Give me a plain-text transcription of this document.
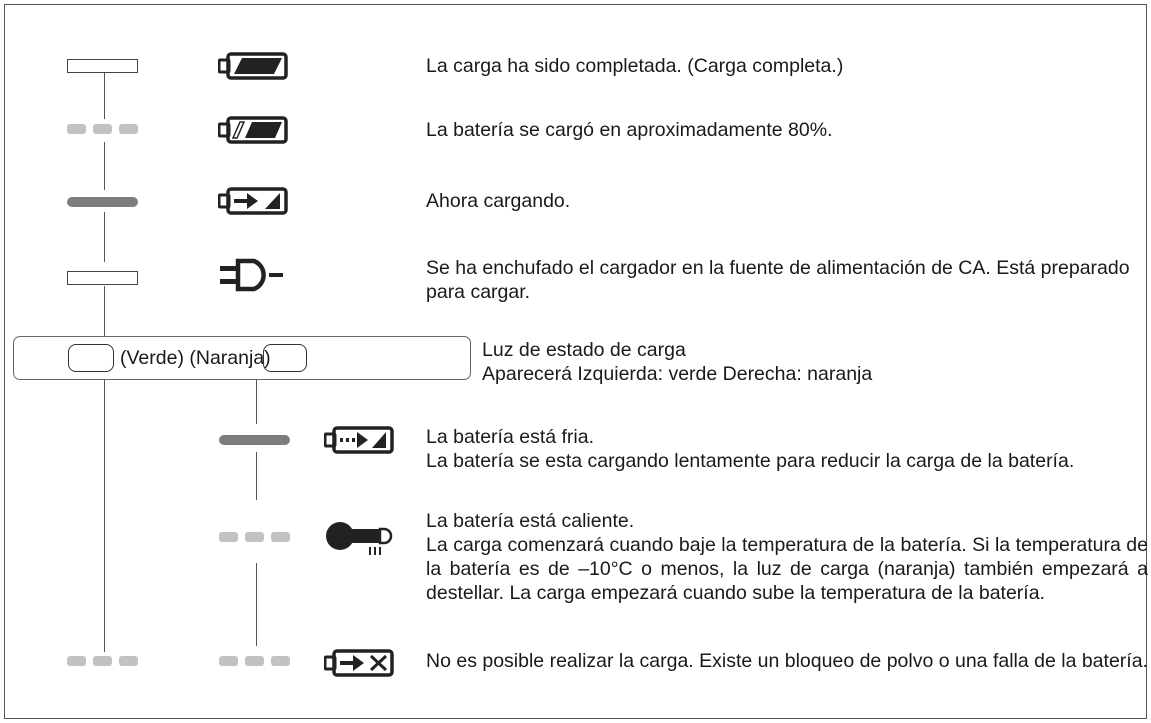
La carga ha sido completada. (Carga completa.)

La batería se cargó en aproximadamente 80%.

Ahora cargando.

Se ha enchufado el cargador en la fuente de alimentación de CA. Está preparado para cargar.

(Verde) (Naranja)	Luz de estado de carga

Aparecerá Izquierda: verde Derecha: naranja

La batería está fria.
La batería se esta cargando lentamente para reducir la carga de la batería.

La batería está caliente.
La carga comenzará cuando baje la temperatura de la batería. Si la temperatura de la batería es de –10°C o menos, la luz de carga (naranja) también empezará a destellar. La carga empezará cuando sube la temperatura de la batería.

No es posible realizar la carga. Existe un bloqueo de polvo o una falla de la batería.
